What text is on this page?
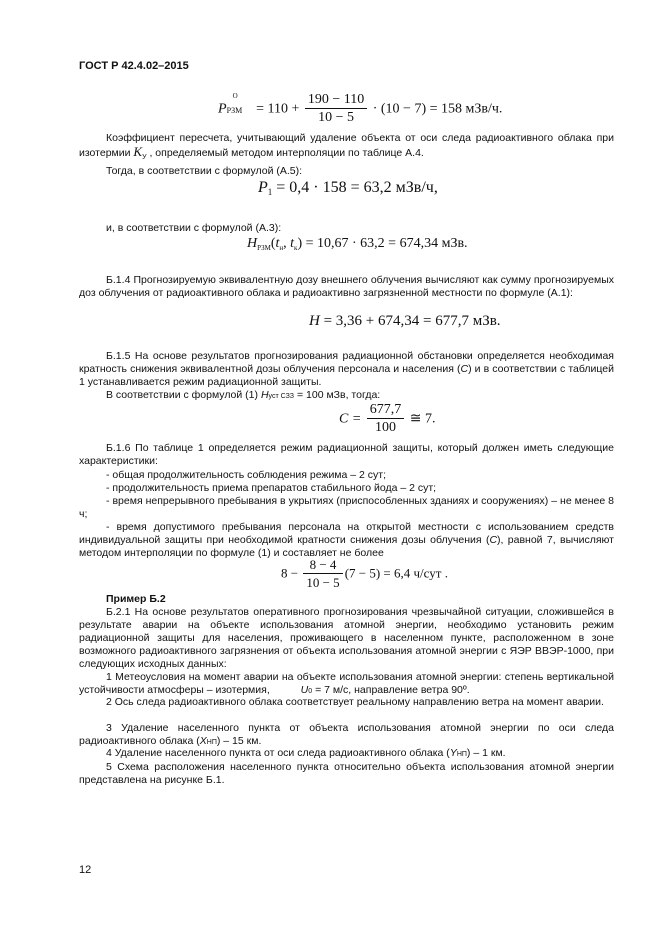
ГОСТ Р 42.4.02–2015
P
О
РЗМ = $110 + \frac{190 - 110}{10 - 5} \cdot (10 - 7) = 158$ мЗв/ч.
Коэффициент пересчета, учитывающий удаление объекта от оси следа радиоактивного облака при изотермии $K_У$ , определяемый методом интерполяции по таблице А.4.
Тогда, в соответствии с формулой (А.5):
$P_1 = 0,4 \cdot 158 = 63,2$ мЗв/ч,
и, в соответствии с формулой (А.3):
$H_{РЗМ}(t_н$, $t_к) = 10,67 \cdot 63,2 = 674,34$ мЗв.
Б.1.4 Прогнозируемую эквивалентную дозу внешнего облучения вычисляют как сумму прогнозируемых доз облучения от радиоактивного облака и радиоактивно загрязненной местности по формуле (А.1):
H = 3,36 + 674,34 = 677,7 мЗв.
Б.1.5 На основе результатов прогнозирования радиационной обстановки определяется необходимая кратность снижения эквивалентной дозы облучения персонала и населения (C) и в соответствии с таблицей 1 устанавливается режим радиационной защиты.
В соответствии с формулой (1) Hуст СЗЗ = 100 мЗв, тогда:
$C = \frac{677,7}{100}$ ≅ 7.
Б.1.6 По таблице 1 определяется режим радиационной защиты, который должен иметь следующие характеристики:
- общая продолжительность соблюдения режима – 2 сут;
- продолжительность приема препаратов стабильного йода – 2 сут;
- время непрерывного пребывания в укрытиях (приспособленных зданиях и сооружениях) – не менее 8 ч;
- время допустимого пребывания персонала на открытой местности с использованием средств индивидуальной защиты при необходимой кратности снижения дозы облучения (C), равной 7, вычисляют методом интерполяции по формуле (1) и составляет не более
$8 - \frac{8 - 4}{10 - 5} (7 - 5) = 6,4$ ч/сут .
Пример Б.2
Б.2.1 На основе результатов оперативного прогнозирования чрезвычайной ситуации, сложившейся в результате аварии на объекте использования атомной энергии, необходимо установить режим радиационной защиты для населения, проживающего в населенном пункте, расположенном в зоне возможного радиоактивного загрязнения от объекта использования атомной энергии с ЯЭР ВВЭР-1000, при следующих исходных данных:
1 Метеоусловия на момент аварии на объекте использования атомной энергии: степень вертикальной устойчивости атмосферы – изотермия,	U0 = 7 м/с, направление ветра 90º.
2 Ось следа радиоактивного облака соответствует реальному направлению ветра на момент аварии.
3 Удаление населенного пункта от объекта использования атомной энергии по оси следа радиоактивного облака (XНП) – 15 км.
4 Удаление населенного пункта от оси следа радиоактивного облака (YНП) – 1 км.
5 Схема расположения населенного пункта относительно объекта использования атомной энергии представлена на рисунке Б.1.
12
